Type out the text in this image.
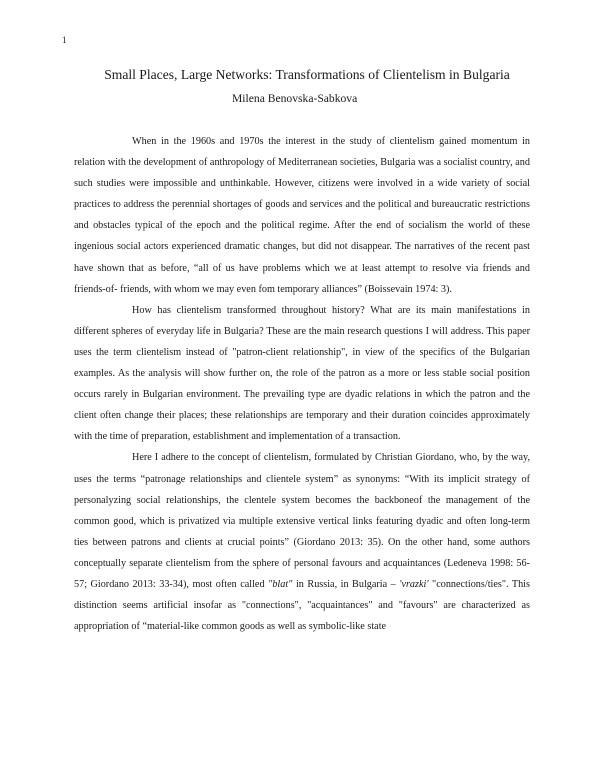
1
Small Places, Large Networks: Transformations of Clientelism in Bulgaria
Milena Benovska-Sabkova

When in the 1960s and 1970s the interest in the study of clientelism gained momentum in relation with the development of anthropology of Mediterranean societies, Bulgaria was a socialist country, and such studies were impossible and unthinkable. However, citizens were involved in a wide variety of social practices to address the perennial shortages of goods and services and the political and bureaucratic restrictions and obstacles typical of the epoch and the political regime. After the end of socialism the world of these ingenious social actors experienced dramatic changes, but did not disappear. The narratives of the recent past have shown that as before, “all of us have problems which we at least attempt to resolve via friends and friends-of- friends, with whom we may even fom temporary alliances” (Boissevain 1974: 3).

How has clientelism transformed throughout history? What are its main manifestations in different spheres of everyday life in Bulgaria? These are the main research questions I will address. This paper uses the term clientelism instead of "patron-client relationship", in view of the specifics of the Bulgarian examples. As the analysis will show further on, the role of the patron as a more or less stable social position occurs rarely in Bulgarian environment. The prevailing type are dyadic relations in which the patron and the client often change their places; these relationships are temporary and their duration coincides approximately with the time of preparation, establishment and implementation of a transaction.

Here I adhere to the concept of clientelism, formulated by Christian Giordano, who, by the way, uses the terms “patronage relationships and clientele system” as synonyms: “With its implicit strategy of personalyzing social relationships, the clentele system becomes the backboneof the management of the common good, which is privatized via multiple extensive vertical links featuring dyadic and often long-term ties between patrons and clients at crucial points” (Giordano 2013: 35). On the other hand, some authors conceptually separate clientelism from the sphere of personal favours and acquaintances (Ledeneva 1998: 56-57; Giordano 2013: 33-34), most often called "blat" in Russia, in Bulgaria – 'vrazki' "connections/ties". This distinction seems artificial insofar as "connections", "acquaintances" and "favours" are characterized as appropriation of “material-like common goods as well as symbolic-like state
